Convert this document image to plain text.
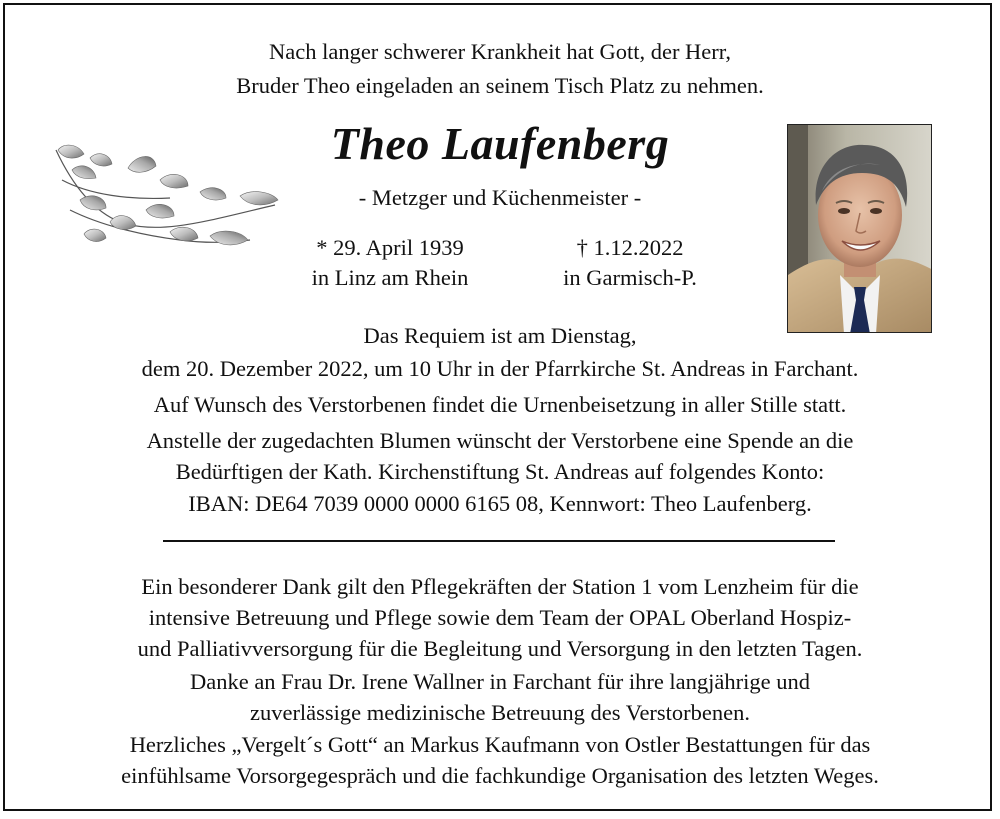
Nach langer schwerer Krankheit hat Gott, der Herr,
Bruder Theo eingeladen an seinem Tisch Platz zu nehmen.
Theo Laufenberg
- Metzger und Küchenmeister -
* 29. April 1939
in Linz am Rhein
† 1.12.2022
in Garmisch-P.
Das Requiem ist am Dienstag,
dem 20. Dezember 2022, um 10 Uhr in der Pfarrkirche St. Andreas in Farchant.
Auf Wunsch des Verstorbenen findet die Urnenbeisetzung in aller Stille statt.
Anstelle der zugedachten Blumen wünscht der Verstorbene eine Spende an die
Bedürftigen der Kath. Kirchenstiftung St. Andreas auf folgendes Konto:
IBAN: DE64 7039 0000 0000 6165 08, Kennwort: Theo Laufenberg.
Ein besonderer Dank gilt den Pflegekräften der Station 1 vom Lenzheim für die
intensive Betreuung und Pflege sowie dem Team der OPAL Oberland Hospiz-
und Palliativversorgung für die Begleitung und Versorgung in den letzten Tagen.
Danke an Frau Dr. Irene Wallner in Farchant für ihre langjährige und
zuverlässige medizinische Betreuung des Verstorbenen.
Herzliches „Vergelt´s Gott“ an Markus Kaufmann von Ostler Bestattungen für das
einfühlsame Vorsorgegespräch und die fachkundige Organisation des letzten Weges.
